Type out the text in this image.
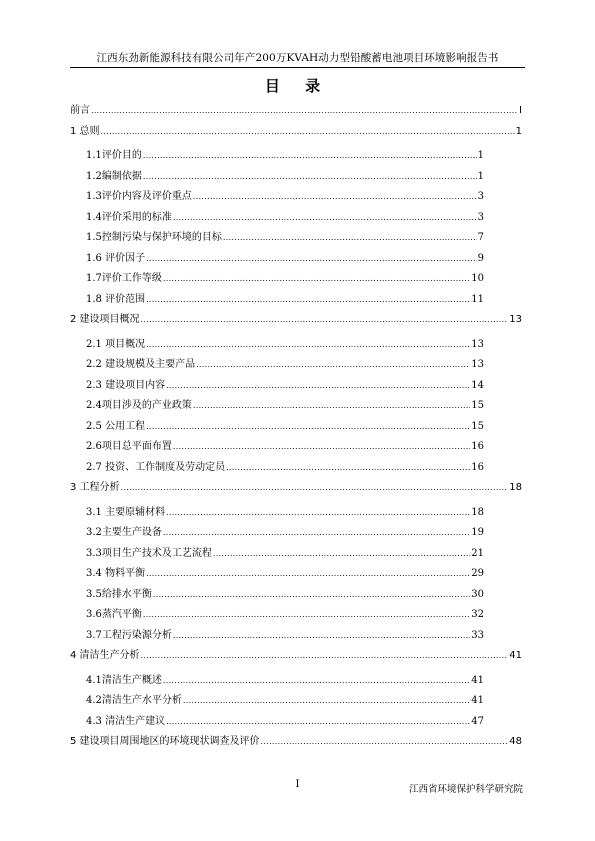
江西东劲新能源科技有限公司年产200万KVAH动力型铅酸蓄电池项目环境影响报告书
目 录
前言 .....	I
1 总则 .....	1
1.1评价目的 .....	1
1.2编制依据 .....	1
1.3评价内容及评价重点 .....	3
1.4评价采用的标准 .....	3
1.5控制污染与保护环境的目标 .....	7
1.6 评价因子 .....	9
1.7评价工作等级 .....	10
1.8 评价范围 .....	11
2 建设项目概况 .....	13
2.1 项目概况 .....	13
2.2 建设规模及主要产品 .....	13
2.3 建设项目内容 .....	14
2.4项目涉及的产业政策 .....	15
2.5 公用工程 .....	15
2.6项目总平面布置 .....	16
2.7 投资、工作制度及劳动定员 .....	16
3 工程分析 .....	18
3.1 主要原辅材料 .....	18
3.2主要生产设备 .....	19
3.3项目生产技术及工艺流程 .....	21
3.4 物料平衡 .....	29
3.5给排水平衡 .....	30
3.6蒸汽平衡 .....	32
3.7工程污染源分析 .....	33
4 清洁生产分析 .....	41
4.1清洁生产概述 .....	41
4.2清洁生产水平分析 .....	41
4.3 清洁生产建议 .....	47
5 建设项目周围地区的环境现状调查及评价 .....	48
I	江西省环境保护科学研究院
